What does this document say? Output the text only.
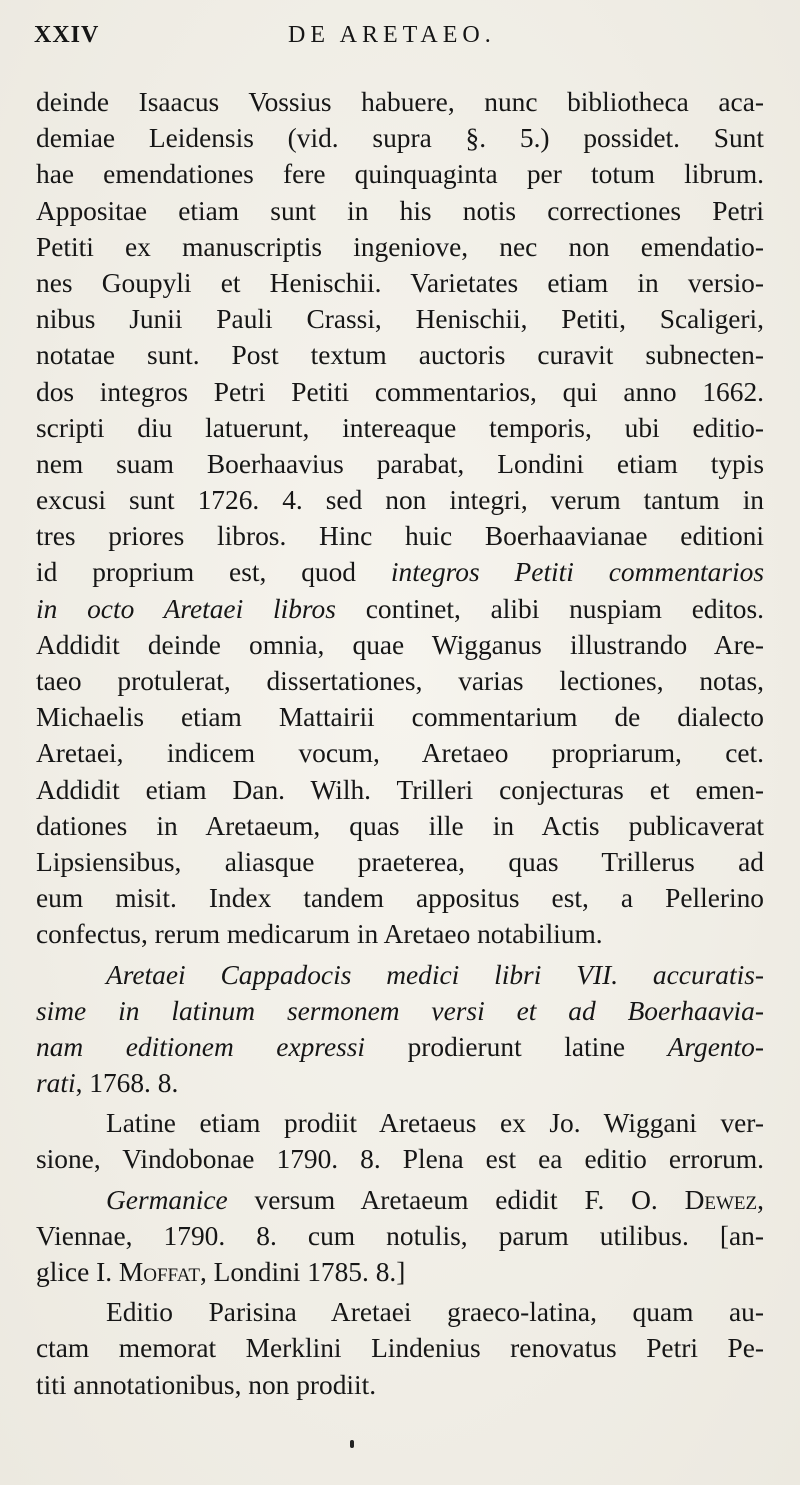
XXIV	DE ARETAEO.
deinde Isaacus Vossius habuere, nunc bibliotheca aca-
demiae Leidensis (vid. supra §. 5.) possidet. Sunt
hae emendationes fere quinquaginta per totum librum.
Appositae etiam sunt in his notis correctiones Petri
Petiti ex manuscriptis ingeniove, nec non emendatio-
nes Goupyli et Henischii. Varietates etiam in versio-
nibus Junii Pauli Crassi, Henischii, Petiti, Scaligeri,
notatae sunt. Post textum auctoris curavit subnecten-
dos integros Petri Petiti commentarios, qui anno 1662.
scripti diu latuerunt, intereaque temporis, ubi editio-
nem suam Boerhaavius parabat, Londini etiam typis
excusi sunt 1726. 4. sed non integri, verum tantum in
tres priores libros. Hinc huic Boerhaavianae editioni
id proprium est, quod integros Petiti commentarios
in octo Aretaei libros continet, alibi nuspiam editos.
Addidit deinde omnia, quae Wigganus illustrando Are-
taeo protulerat, dissertationes, varias lectiones, notas,
Michaelis etiam Mattairii commentarium de dialecto
Aretaei, indicem vocum, Aretaeo propriarum, cet.
Addidit etiam Dan. Wilh. Trilleri conjecturas et emen-
dationes in Aretaeum, quas ille in Actis publicaverat
Lipsiensibus, aliasque praeterea, quas Trillerus ad
eum misit. Index tandem appositus est, a Pellerino
confectus, rerum medicarum in Aretaeo notabilium.
Aretaei Cappadocis medici libri VII. accuratis-
sime in latinum sermonem versi et ad Boerhaavia-
nam editionem expressi prodierunt latine Argento-
rati, 1768. 8.
Latine etiam prodiit Aretaeus ex Jo. Wiggani ver-
sione, Vindobonae 1790. 8. Plena est ea editio errorum.
Germanice versum Aretaeum edidit F. O. Dewez,
Viennae, 1790. 8. cum notulis, parum utilibus. [an-
glice I. Moffat, Londini 1785. 8.]
Editio Parisina Aretaei graeco-latina, quam au-
ctam memorat Merklini Lindenius renovatus Petri Pe-
titi annotationibus, non prodiit.
